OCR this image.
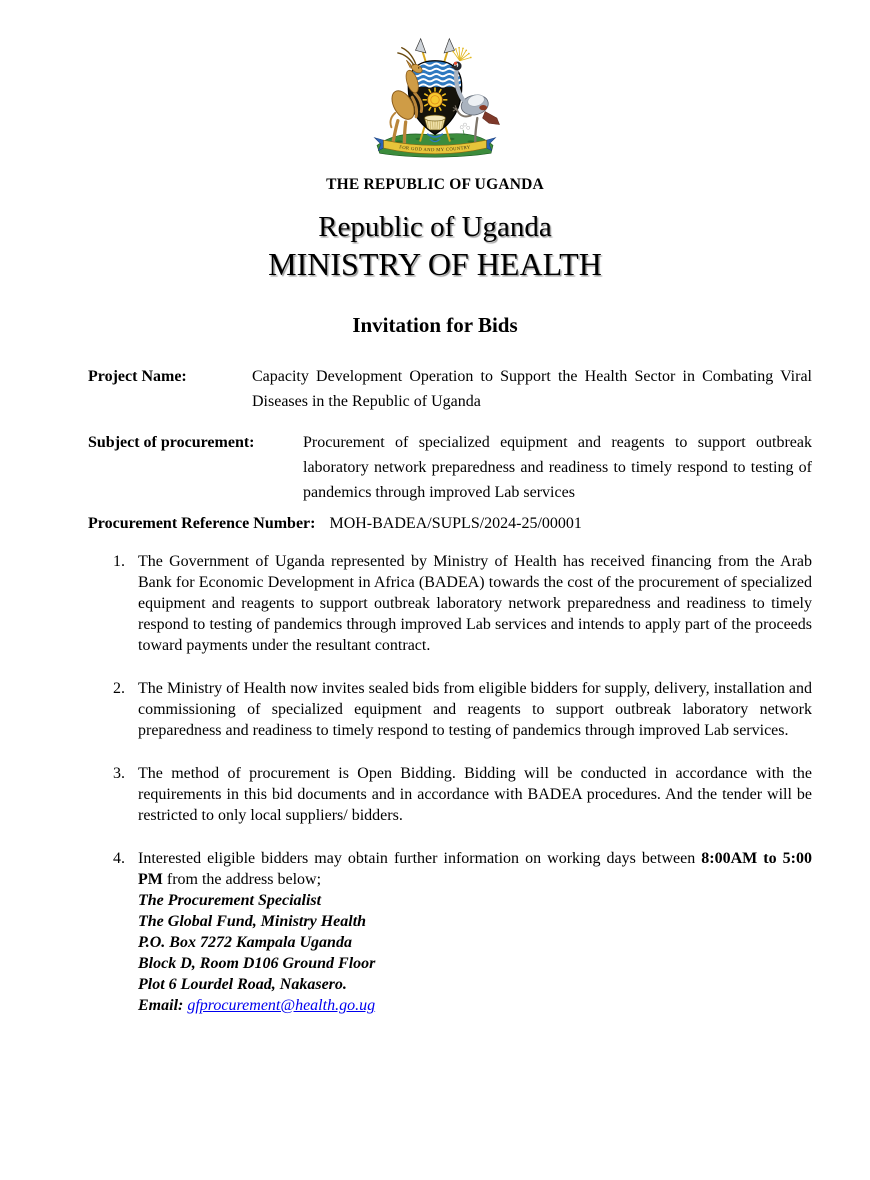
FOR GOD AND MY COUNTRY
THE REPUBLIC OF UGANDA
Republic of Uganda
MINISTRY OF HEALTH
Invitation for Bids
Project Name:	Capacity Development Operation to Support the Health Sector in Combating Viral Diseases in the Republic of Uganda
Subject of procurement:	Procurement of specialized equipment and reagents to support outbreak laboratory network preparedness and readiness to timely respond to testing of pandemics through improved Lab services
Procurement Reference Number: MOH-BADEA/SUPLS/2024-25/00001
1. The Government of Uganda represented by Ministry of Health has received financing from the Arab Bank for Economic Development in Africa (BADEA) towards the cost of the procurement of specialized equipment and reagents to support outbreak laboratory network preparedness and readiness to timely respond to testing of pandemics through improved Lab services and intends to apply part of the proceeds toward payments under the resultant contract.
2. The Ministry of Health now invites sealed bids from eligible bidders for supply, delivery, installation and commissioning of specialized equipment and reagents to support outbreak laboratory network preparedness and readiness to timely respond to testing of pandemics through improved Lab services.
3. The method of procurement is Open Bidding. Bidding will be conducted in accordance with the requirements in this bid documents and in accordance with BADEA procedures. And the tender will be restricted to only local suppliers/ bidders.
4. Interested eligible bidders may obtain further information on working days between 8:00AM to 5:00 PM from the address below;
The Procurement Specialist
The Global Fund, Ministry Health
P.O. Box 7272 Kampala Uganda
Block D, Room D106 Ground Floor
Plot 6 Lourdel Road, Nakasero.
Email: gfprocurement@health.go.ug
